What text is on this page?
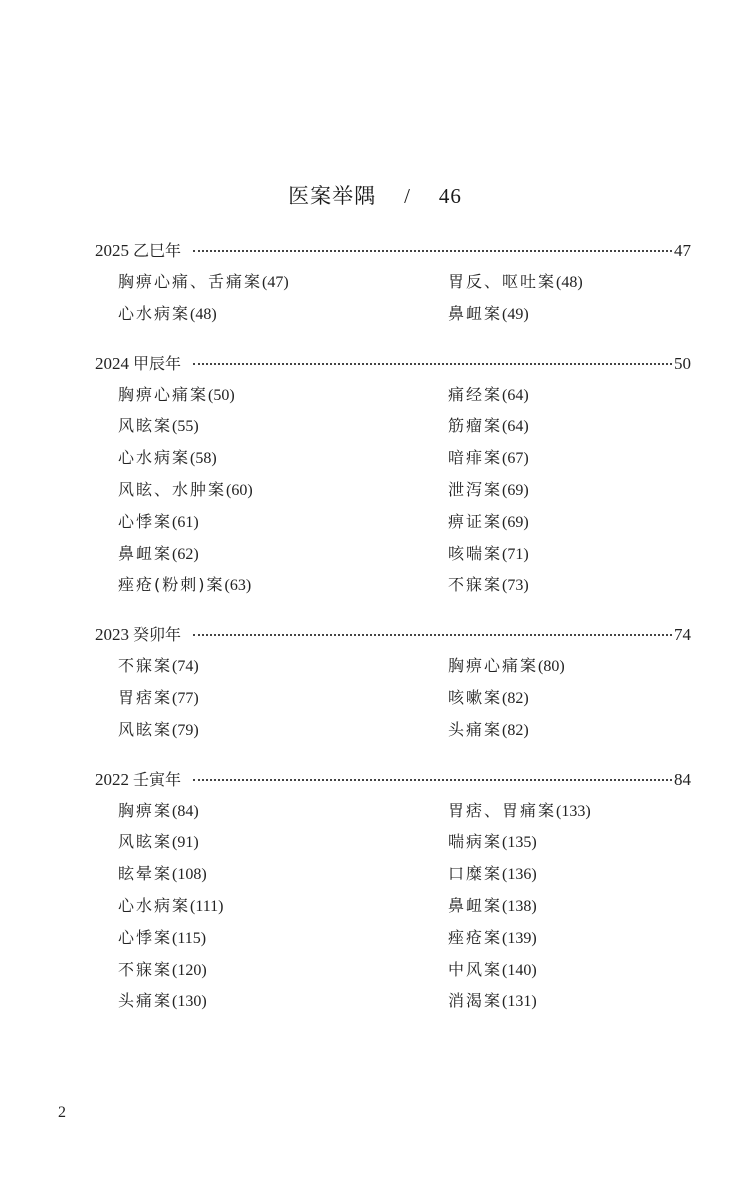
医案举隅 / 46
2025 乙巳年	47
胸痹心痛、舌痛案(47)	胃反、呕吐案(48)
心水病案(48)	鼻衄案(49)
2024 甲辰年	50
胸痹心痛案(50)	痛经案(64)
风眩案(55)	筋瘤案(64)
心水病案(58)	喑痱案(67)
风眩、水肿案(60)	泄泻案(69)
心悸案(61)	痹证案(69)
鼻衄案(62)	咳喘案(71)
痤疮(粉刺)案(63)	不寐案(73)
2023 癸卯年	74
不寐案(74)	胸痹心痛案(80)
胃痞案(77)	咳嗽案(82)
风眩案(79)	头痛案(82)
2022 壬寅年	84
胸痹案(84)	胃痞、胃痛案(133)
风眩案(91)	喘病案(135)
眩晕案(108)	口糜案(136)
心水病案(111)	鼻衄案(138)
心悸案(115)	痤疮案(139)
不寐案(120)	中风案(140)
头痛案(130)	消渴案(131)
2
